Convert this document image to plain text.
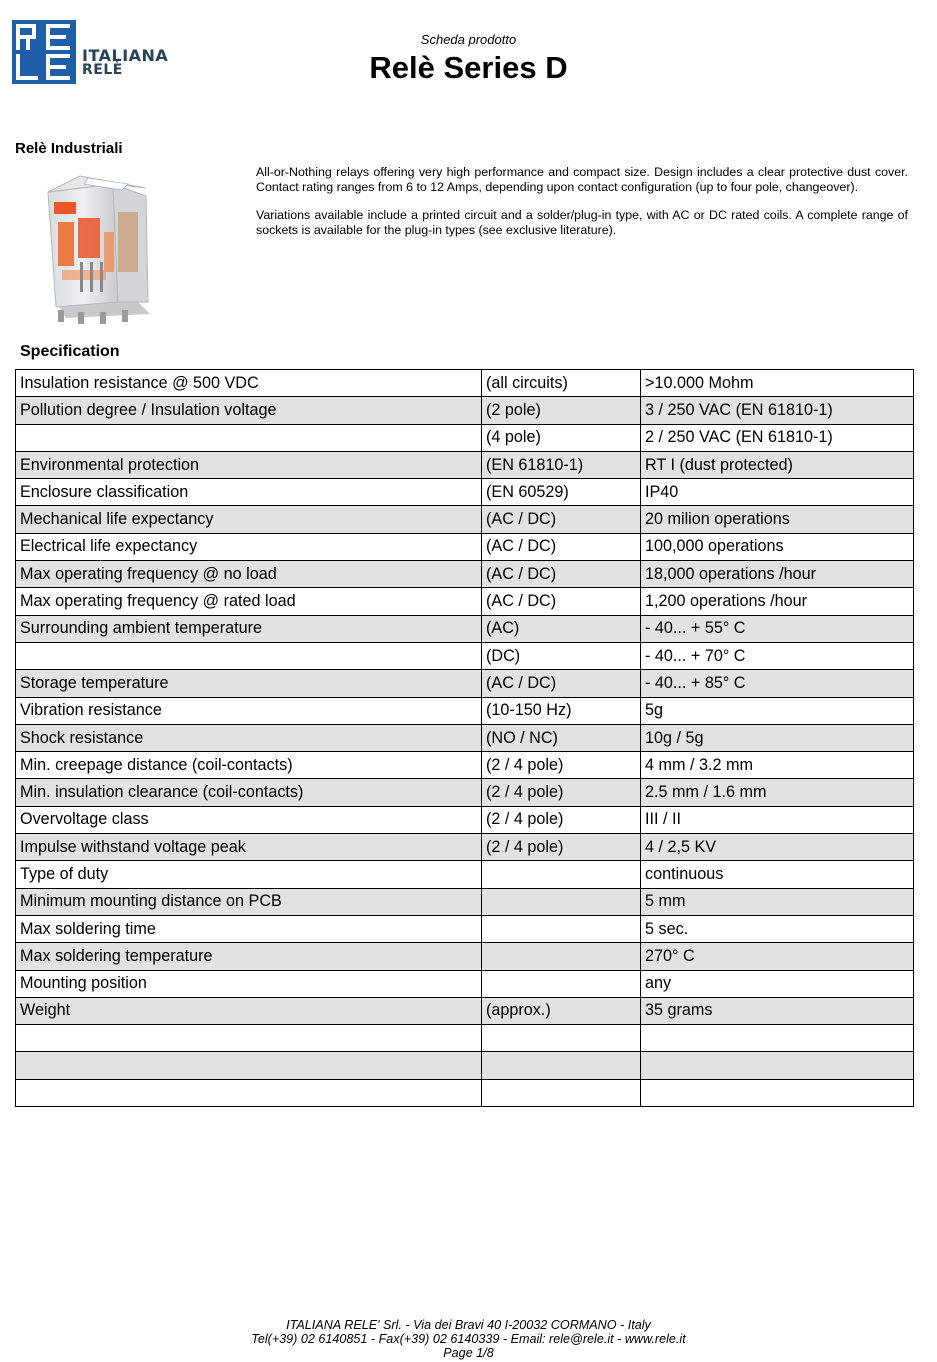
ITALIANA
RELÈ
Scheda prodotto
Relè Series D
Relè Industriali

All-or-Nothing relays offering very high performance and compact size. Design includes a clear protective dust cover. Contact rating ranges from 6 to 12 Amps, depending upon contact configuration (up to four pole, changeover).

Variations available include a printed circuit and a solder/plug-in type, with AC or DC rated coils. A complete range of sockets is available for the plug-in types (see exclusive literature).

Specification
Insulation resistance @ 500 VDC	(all circuits)	>10.000 Mohm
Pollution degree / Insulation voltage	(2 pole)	3 / 250 VAC (EN 61810-1)
	(4 pole)	2 / 250 VAC (EN 61810-1)
Environmental protection	(EN 61810-1)	RT I (dust protected)
Enclosure classification	(EN 60529)	IP40
Mechanical life expectancy	(AC / DC)	20 milion operations
Electrical life expectancy	(AC / DC)	100,000 operations
Max operating frequency @ no load	(AC / DC)	18,000 operations /hour
Max operating frequency @ rated load	(AC / DC)	1,200 operations /hour
Surrounding ambient temperature	(AC)	- 40... + 55° C
	(DC)	- 40... + 70° C
Storage temperature	(AC / DC)	- 40... + 85° C
Vibration resistance	(10-150 Hz)	5g
Shock resistance	(NO / NC)	10g / 5g
Min. creepage distance (coil-contacts)	(2 / 4 pole)	4 mm / 3.2 mm
Min. insulation clearance (coil-contacts)	(2 / 4 pole)	2.5 mm / 1.6 mm
Overvoltage class	(2 / 4 pole)	III / II
Impulse withstand voltage peak	(2 / 4 pole)	4 / 2,5 KV
Type of duty		continuous
Minimum mounting distance on PCB		5 mm
Max soldering time		5 sec.
Max soldering temperature		270° C
Mounting position		any
Weight	(approx.)	35 grams

ITALIANA RELE' Srl. - Via dei Bravi 40 I-20032 CORMANO - Italy
Tel(+39) 02 6140851 - Fax(+39) 02 6140339 - Email: rele@rele.it - www.rele.it
Page 1/8
